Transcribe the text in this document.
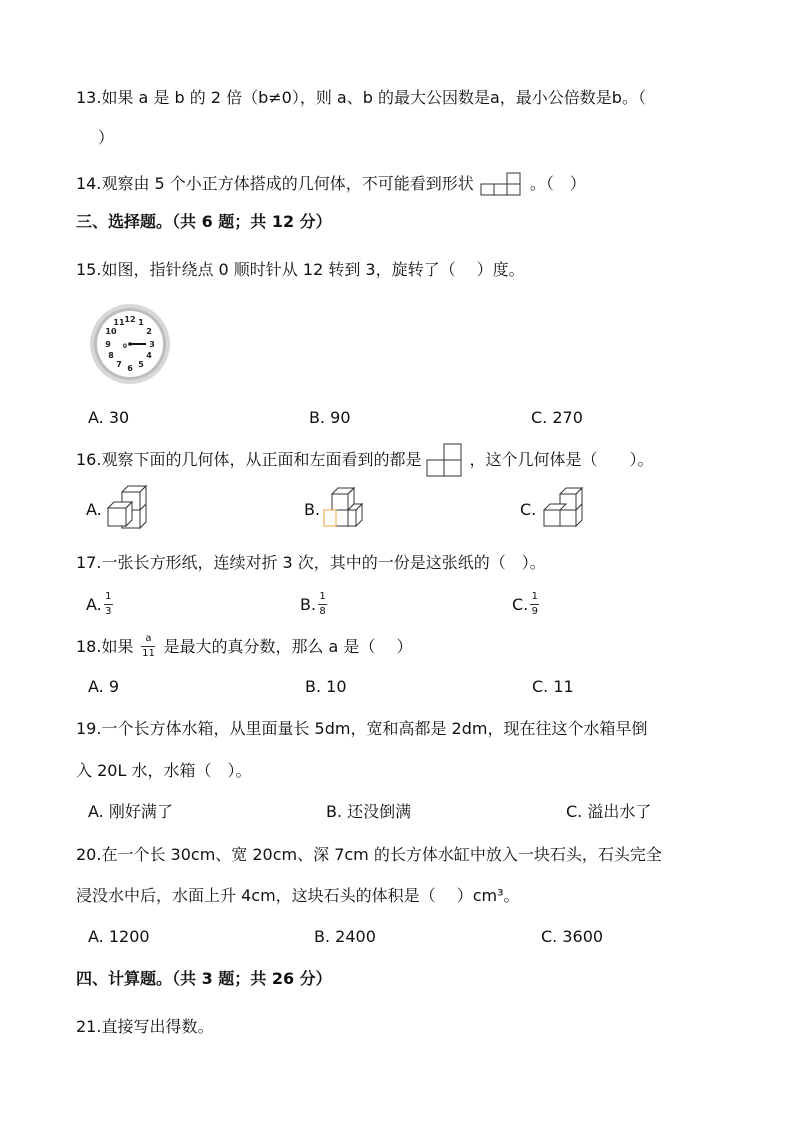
13.如果 a 是 b 的 2 倍（b≠0），则 a、b 的最大公因数是a，最小公倍数是b。（
）
14.观察由 5 个小正方体搭成的几何体，不可能看到形状	。（　）
三、选择题。（共 6 题；共 12 分）
15.如图，指针绕点 0 顺时针从 12 转到 3，旋转了（　 ）度。
12 1
2
3
4
5
6
7
8
9
10
11
0
A. 30	B. 90	C. 270
16.观察下面的几何体，从正面和左面看到的都是	，这个几何体是（　　）。
A.	B.	C.
17.一张长方形纸，连续对折 3 次，其中的一份是这张纸的（　）。
A. $\frac{1}{3}$	B. $\frac{1}{8}$	C. $\frac{1}{9}$
18.如果 $\frac{a}{11}$ 是最大的真分数，那么 a 是（　 ）
A. 9	B. 10	C. 11
19.一个长方体水箱，从里面量长 5dm，宽和高都是 2dm，现在往这个水箱早倒
入 20L 水，水箱（　）。
A. 刚好满了	B. 还没倒满	C. 溢出水了
20.在一个长 30cm、宽 20cm、深 7cm 的长方体水缸中放入一块石头，石头完全
浸没水中后，水面上升 4cm，这块石头的体积是（　 ）cm³。
A. 1200	B. 2400	C. 3600
四、计算题。（共 3 题；共 26 分）
21.直接写出得数。
